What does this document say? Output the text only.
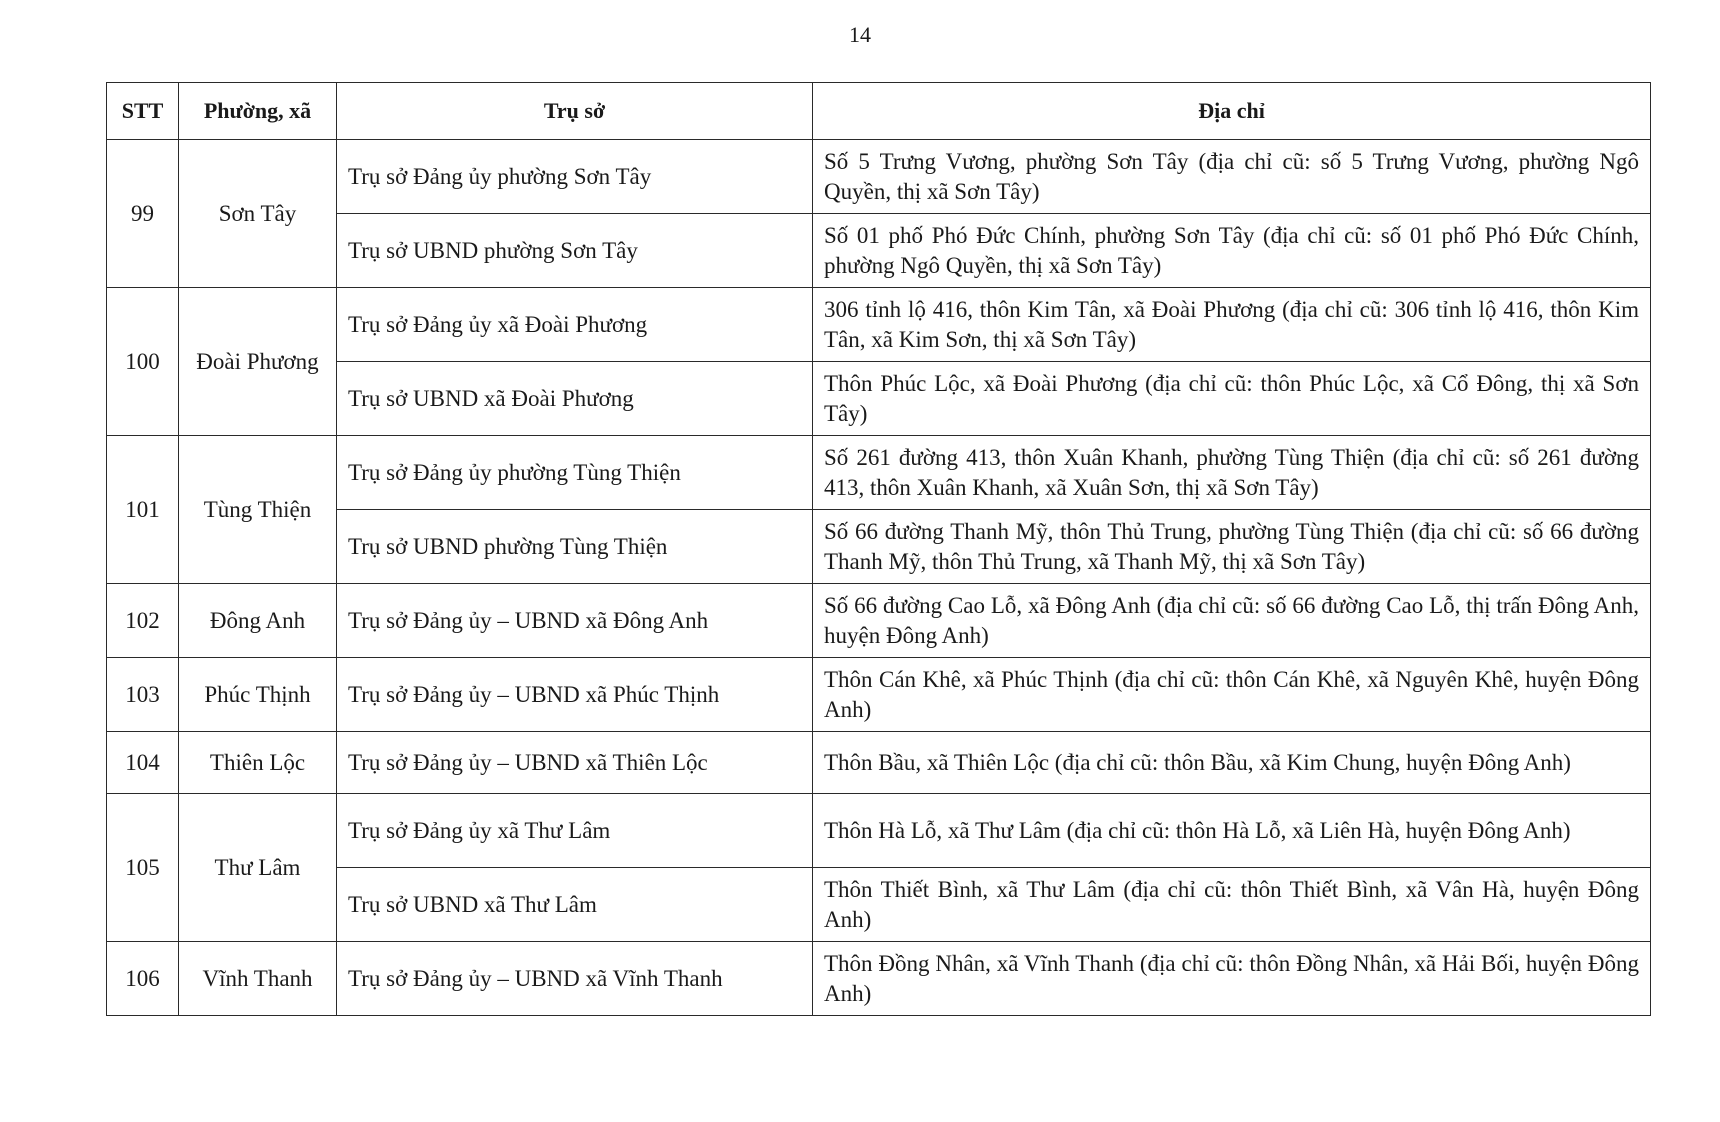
14
STT	Phường, xã	Trụ sở	Địa chỉ
99	Sơn Tây	Trụ sở Đảng ủy phường Sơn Tây	Số 5 Trưng Vương, phường Sơn Tây (địa chỉ cũ: số 5 Trưng Vương, phường Ngô Quyền, thị xã Sơn Tây)
		Trụ sở UBND phường Sơn Tây	Số 01 phố Phó Đức Chính, phường Sơn Tây (địa chỉ cũ: số 01 phố Phó Đức Chính, phường Ngô Quyền, thị xã Sơn Tây)
100	Đoài Phương	Trụ sở Đảng ủy xã Đoài Phương	306 tỉnh lộ 416, thôn Kim Tân, xã Đoài Phương (địa chỉ cũ: 306 tỉnh lộ 416, thôn Kim Tân, xã Kim Sơn, thị xã Sơn Tây)
		Trụ sở UBND xã Đoài Phương	Thôn Phúc Lộc, xã Đoài Phương (địa chỉ cũ: thôn Phúc Lộc, xã Cổ Đông, thị xã Sơn Tây)
101	Tùng Thiện	Trụ sở Đảng ủy phường Tùng Thiện	Số 261 đường 413, thôn Xuân Khanh, phường Tùng Thiện (địa chỉ cũ: số 261 đường 413, thôn Xuân Khanh, xã Xuân Sơn, thị xã Sơn Tây)
		Trụ sở UBND phường Tùng Thiện	Số 66 đường Thanh Mỹ, thôn Thủ Trung, phường Tùng Thiện (địa chỉ cũ: số 66 đường Thanh Mỹ, thôn Thủ Trung, xã Thanh Mỹ, thị xã Sơn Tây)
102	Đông Anh	Trụ sở Đảng ủy – UBND xã Đông Anh	Số 66 đường Cao Lỗ, xã Đông Anh (địa chỉ cũ: số 66 đường Cao Lỗ, thị trấn Đông Anh, huyện Đông Anh)
103	Phúc Thịnh	Trụ sở Đảng ủy – UBND xã Phúc Thịnh	Thôn Cán Khê, xã Phúc Thịnh (địa chỉ cũ: thôn Cán Khê, xã Nguyên Khê, huyện Đông Anh)
104	Thiên Lộc	Trụ sở Đảng ủy – UBND xã Thiên Lộc	Thôn Bầu, xã Thiên Lộc (địa chỉ cũ: thôn Bầu, xã Kim Chung, huyện Đông Anh)
105	Thư Lâm	Trụ sở Đảng ủy xã Thư Lâm	Thôn Hà Lỗ, xã Thư Lâm (địa chỉ cũ: thôn Hà Lỗ, xã Liên Hà, huyện Đông Anh)
		Trụ sở UBND xã Thư Lâm	Thôn Thiết Bình, xã Thư Lâm (địa chỉ cũ: thôn Thiết Bình, xã Vân Hà, huyện Đông Anh)
106	Vĩnh Thanh	Trụ sở Đảng ủy – UBND xã Vĩnh Thanh	Thôn Đồng Nhân, xã Vĩnh Thanh (địa chỉ cũ: thôn Đồng Nhân, xã Hải Bối, huyện Đông Anh)
